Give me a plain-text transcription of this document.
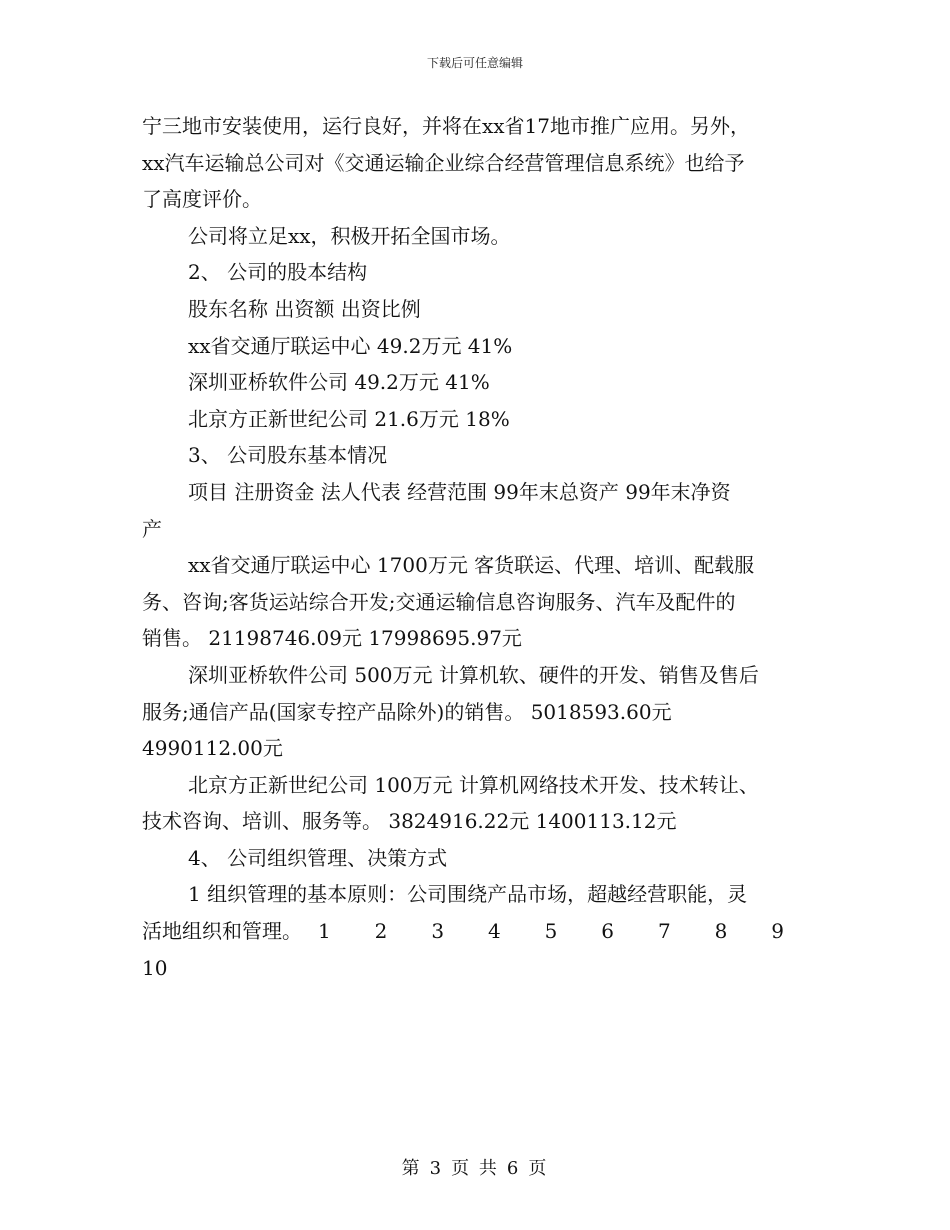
下载后可任意编辑
宁三地市安装使用，运行良好，并将在xx省17地市推广应用。另外，
xx汽车运输总公司对《交通运输企业综合经营管理信息系统》也给予
了高度评价。
公司将立足xx，积极开拓全国市场。
2、 公司的股本结构
股东名称 出资额 出资比例
xx省交通厅联运中心 49.2万元 41%
深圳亚桥软件公司 49.2万元 41%
北京方正新世纪公司 21.6万元 18%
3、 公司股东基本情况
项目 注册资金 法人代表 经营范围 99年末总资产 99年末净资
产
xx省交通厅联运中心 1700万元 客货联运、代理、培训、配载服
务、咨询;客货运站综合开发;交通运输信息咨询服务、汽车及配件的
销售。 21198746.09元 17998695.97元
深圳亚桥软件公司 500万元 计算机软、硬件的开发、销售及售后
服务;通信产品(国家专控产品除外)的销售。 5018593.60元
4990112.00元
北京方正新世纪公司 100万元 计算机网络技术开发、技术转让、
技术咨询、培训、服务等。 3824916.22元 1400113.12元
4、 公司组织管理、决策方式
1 组织管理的基本原则：公司围绕产品市场，超越经营职能，灵
活地组织和管理。 1 2 3 4 5 6 7 8 9
10
第 3 页 共 6 页
